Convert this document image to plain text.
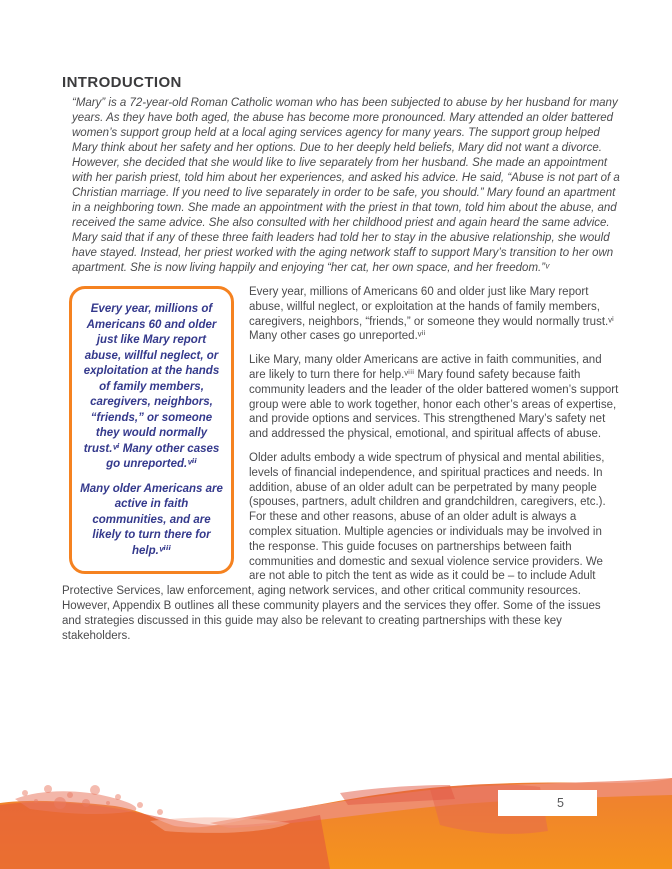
INTRODUCTION

“Mary” is a 72-year-old Roman Catholic woman who has been subjected to abuse by her husband for many years. As they have both aged, the abuse has become more pronounced. Mary attended an older battered women’s support group held at a local aging services agency for many years. The support group helped Mary think about her safety and her options. Due to her deeply held beliefs, Mary did not want a divorce. However, she decided that she would like to live separately from her husband. She made an appointment with her parish priest, told him about her experiences, and asked his advice. He said, “Abuse is not part of a Christian marriage. If you need to live separately in order to be safe, you should.” Mary found an apartment in a neighboring town. She made an appointment with the priest in that town, told him about the abuse, and received the same advice. She also consulted with her childhood priest and again heard the same advice. Mary said that if any of these three faith leaders had told her to stay in the abusive relationship, she would have stayed. Instead, her priest worked with the aging network staff to support Mary’s transition to her own apartment. She is now living happily and enjoying “her cat, her own space, and her freedom.”ᵛ

Every year, millions of Americans 60 and older just like Mary report abuse, willful neglect, or exploitation at the hands of family members, caregivers, neighbors, “friends,” or someone they would normally trust.ᵛⁱ Many other cases go unreported.ᵛⁱⁱ

Many older Americans are active in faith communities, and are likely to turn there for help.ᵛⁱⁱⁱ

Every year, millions of Americans 60 and older just like Mary report abuse, willful neglect, or exploitation at the hands of family members, caregivers, neighbors, “friends,” or someone they would normally trust.ᵛⁱ Many other cases go unreported.ᵛⁱⁱ

Like Mary, many older Americans are active in faith communities, and are likely to turn there for help.ᵛⁱⁱⁱ Mary found safety because faith community leaders and the leader of the older battered women’s support group were able to work together, honor each other’s areas of expertise, and provide options and services. This strengthened Mary’s safety net and addressed the physical, emotional, and spiritual affects of abuse.

Older adults embody a wide spectrum of physical and mental abilities, levels of financial independence, and spiritual practices and needs. In addition, abuse of an older adult can be perpetrated by many people (spouses, partners, adult children and grandchildren, caregivers, etc.). For these and other reasons, abuse of an older adult is always a complex situation. Multiple agencies or individuals may be involved in the response. This guide focuses on partnerships between faith communities and domestic and sexual violence service providers. We are not able to pitch the tent as wide as it could be – to include Adult Protective Services, law enforcement, aging network services, and other critical community resources. However, Appendix B outlines all these community players and the services they offer. Some of the issues and strategies discussed in this guide may also be relevant to creating partnerships with these key stakeholders.

5
